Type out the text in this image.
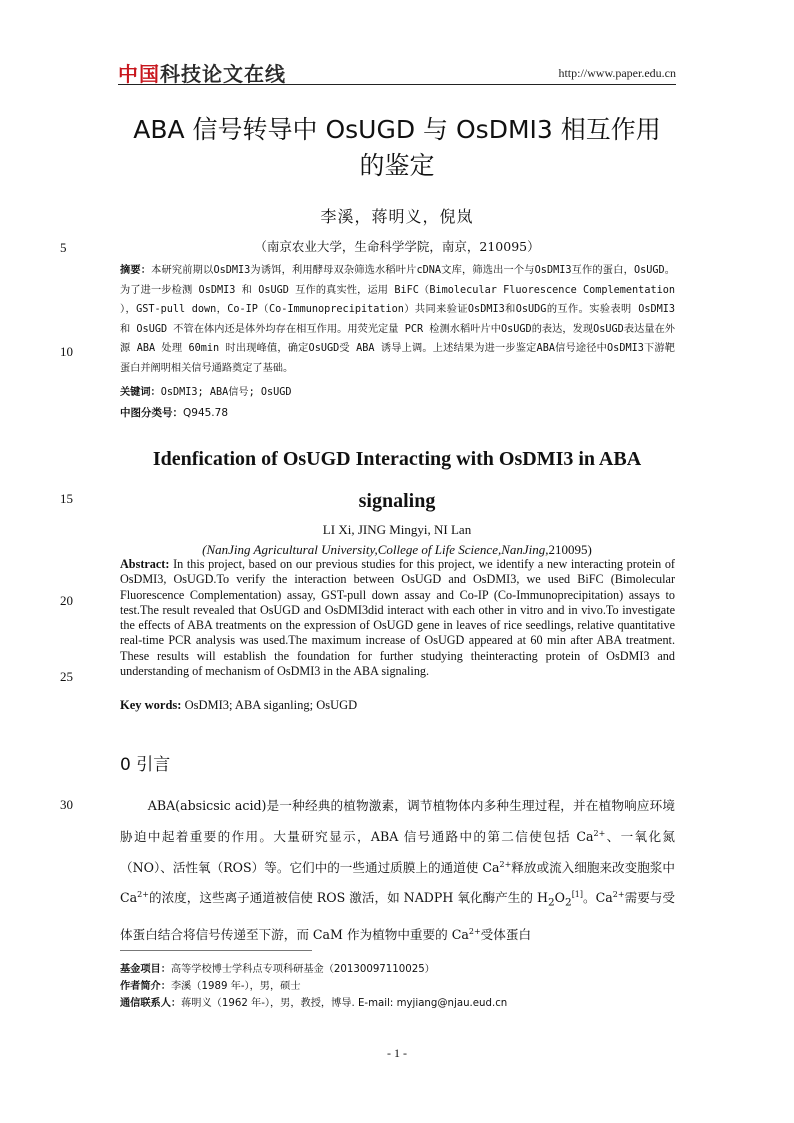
中国科技论文在线	http://www.paper.edu.cn
ABA 信号转导中 OsUGD 与 OsDMI3 相互作用
的鉴定
李溪，蒋明义，倪岚
（南京农业大学，生命科学学院，南京，210095）
5
10
15
20
25
30
摘要：本研究前期以OsDMI3为诱饵，利用酵母双杂筛选水稻叶片cDNA文库，筛选出一个与OsDMI3互作的蛋白，OsUGD。为了进一步检测 OsDMI3 和 OsUGD 互作的真实性，运用 BiFC（Bimolecular Fluorescence Complementation ），GST-pull down，Co-IP（Co-Immunoprecipitation）共同来验证OsDMI3和OsUDG的互作。实验表明 OsDMI3 和 OsUGD 不管在体内还是体外均存在相互作用。用荧光定量 PCR 检测水稻叶片中OsUGD的表达，发现OsUGD表达量在外源 ABA 处理 60min 时出现峰值，确定OsUGD受 ABA 诱导上调。上述结果为进一步鉴定ABA信号途径中OsDMI3下游靶蛋白并阐明相关信号通路奠定了基础。
关键词：OsDMI3; ABA信号; OsUGD
中图分类号：Q945.78
Idenfication of OsUGD Interacting with OsDMI3 in ABA
signaling
LI Xi, JING Mingyi, NI Lan
(NanJing Agricultural University,College of Life Science,NanJing,210095)
Abstract: In this project, based on our previous studies for this project, we identify a new interacting protein of OsDMI3, OsUGD.To verify the interaction between OsUGD and OsDMI3, we used BiFC (Bimolecular Fluorescence Complementation) assay, GST-pull down assay and Co-IP (Co-Immunoprecipitation) assays to test.The result revealed that OsUGD and OsDMI3did interact with each other in vitro and in vivo.To investigate the effects of ABA treatments on the expression of OsUGD gene in leaves of rice seedlings, relative quantitative real-time PCR analysis was used.The maximum increase of OsUGD appeared at 60 min after ABA treatment. These results will establish the foundation for further studying theinteracting protein of OsDMI3 and understanding of mechanism of OsDMI3 in the ABA signaling.
Key words: OsDMI3; ABA siganling; OsUGD
0 引言

ABA(absicsic acid)是一种经典的植物激素，调节植物体内多种生理过程，并在植物响应环境胁迫中起着重要的作用。大量研究显示，ABA 信号通路中的第二信使包括 $Ca^{2+}$、一氧化氮（NO）、活性氧（ROS）等。它们中的一些通过质膜上的通道使 $Ca^{2+}$释放或流入细胞来改变胞浆中 $Ca^{2+}$的浓度，这些离子通道被信使 ROS 激活，如 NADPH 氧化酶产生的 $H_2O_2[1]$。$Ca^{2+}$需要与受体蛋白结合将信号传递至下游，而 CaM 作为植物中重要的 $Ca^{2+}$受体蛋白

基金项目：高等学校博士学科点专项科研基金（20130097110025）
作者简介：李溪（1989 年-），男，硕士
通信联系人：蒋明义（1962 年-），男，教授，博导. E-mail: myjiang@njau.eud.cn
- 1 -
